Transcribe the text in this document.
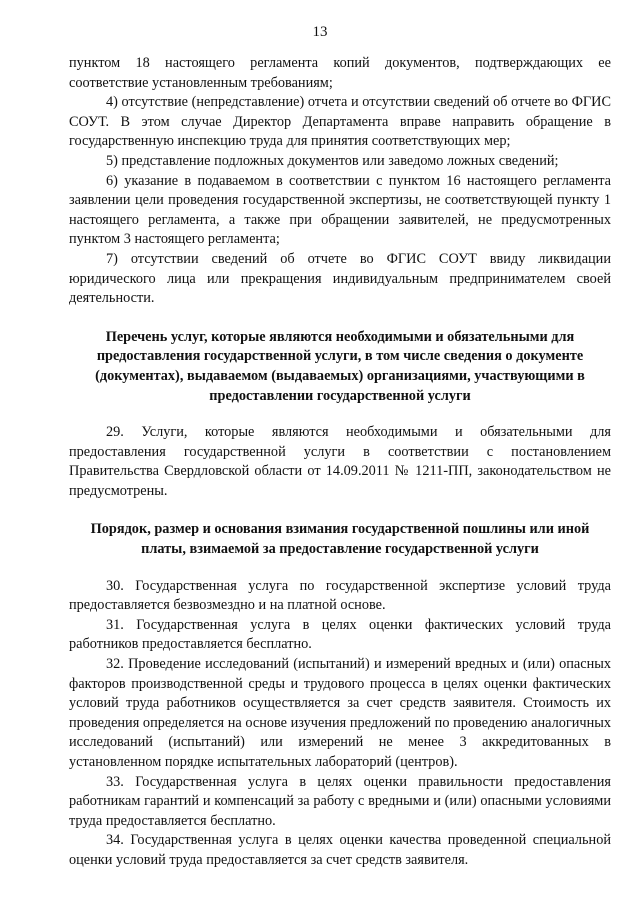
13

пунктом 18 настоящего регламента копий документов, подтверждающих ее соответствие установленным требованиям;

4) отсутствие (непредставление) отчета и отсутствии сведений об отчете во ФГИС СОУТ. В этом случае Директор Департамента вправе направить обращение в государственную инспекцию труда для принятия соответствующих мер;

5) представление подложных документов или заведомо ложных сведений;

6) указание в подаваемом в соответствии с пунктом 16 настоящего регламента заявлении цели проведения государственной экспертизы, не соответствующей пункту 1 настоящего регламента, а также при обращении заявителей, не предусмотренных пунктом 3 настоящего регламента;

7) отсутствии сведений об отчете во ФГИС СОУТ ввиду ликвидации юридического лица или прекращения индивидуальным предпринимателем своей деятельности.

Перечень услуг, которые являются необходимыми и обязательными для предоставления государственной услуги, в том числе сведения о документе (документах), выдаваемом (выдаваемых) организациями, участвующими в предоставлении государственной услуги

29. Услуги, которые являются необходимыми и обязательными для предоставления государственной услуги в соответствии с постановлением Правительства Свердловской области от 14.09.2011 № 1211-ПП, законодательством не предусмотрены.

Порядок, размер и основания взимания государственной пошлины или иной платы, взимаемой за предоставление государственной услуги

30. Государственная услуга по государственной экспертизе условий труда предоставляется безвозмездно и на платной основе.

31. Государственная услуга в целях оценки фактических условий труда работников предоставляется бесплатно.

32. Проведение исследований (испытаний) и измерений вредных и (или) опасных факторов производственной среды и трудового процесса в целях оценки фактических условий труда работников осуществляется за счет средств заявителя. Стоимость их проведения определяется на основе изучения предложений по проведению аналогичных исследований (испытаний) или измерений не менее 3 аккредитованных в установленном порядке испытательных лабораторий (центров).

33. Государственная услуга в целях оценки правильности предоставления работникам гарантий и компенсаций за работу с вредными и (или) опасными условиями труда предоставляется бесплатно.

34. Государственная услуга в целях оценки качества проведенной специальной оценки условий труда предоставляется за счет средств заявителя.
